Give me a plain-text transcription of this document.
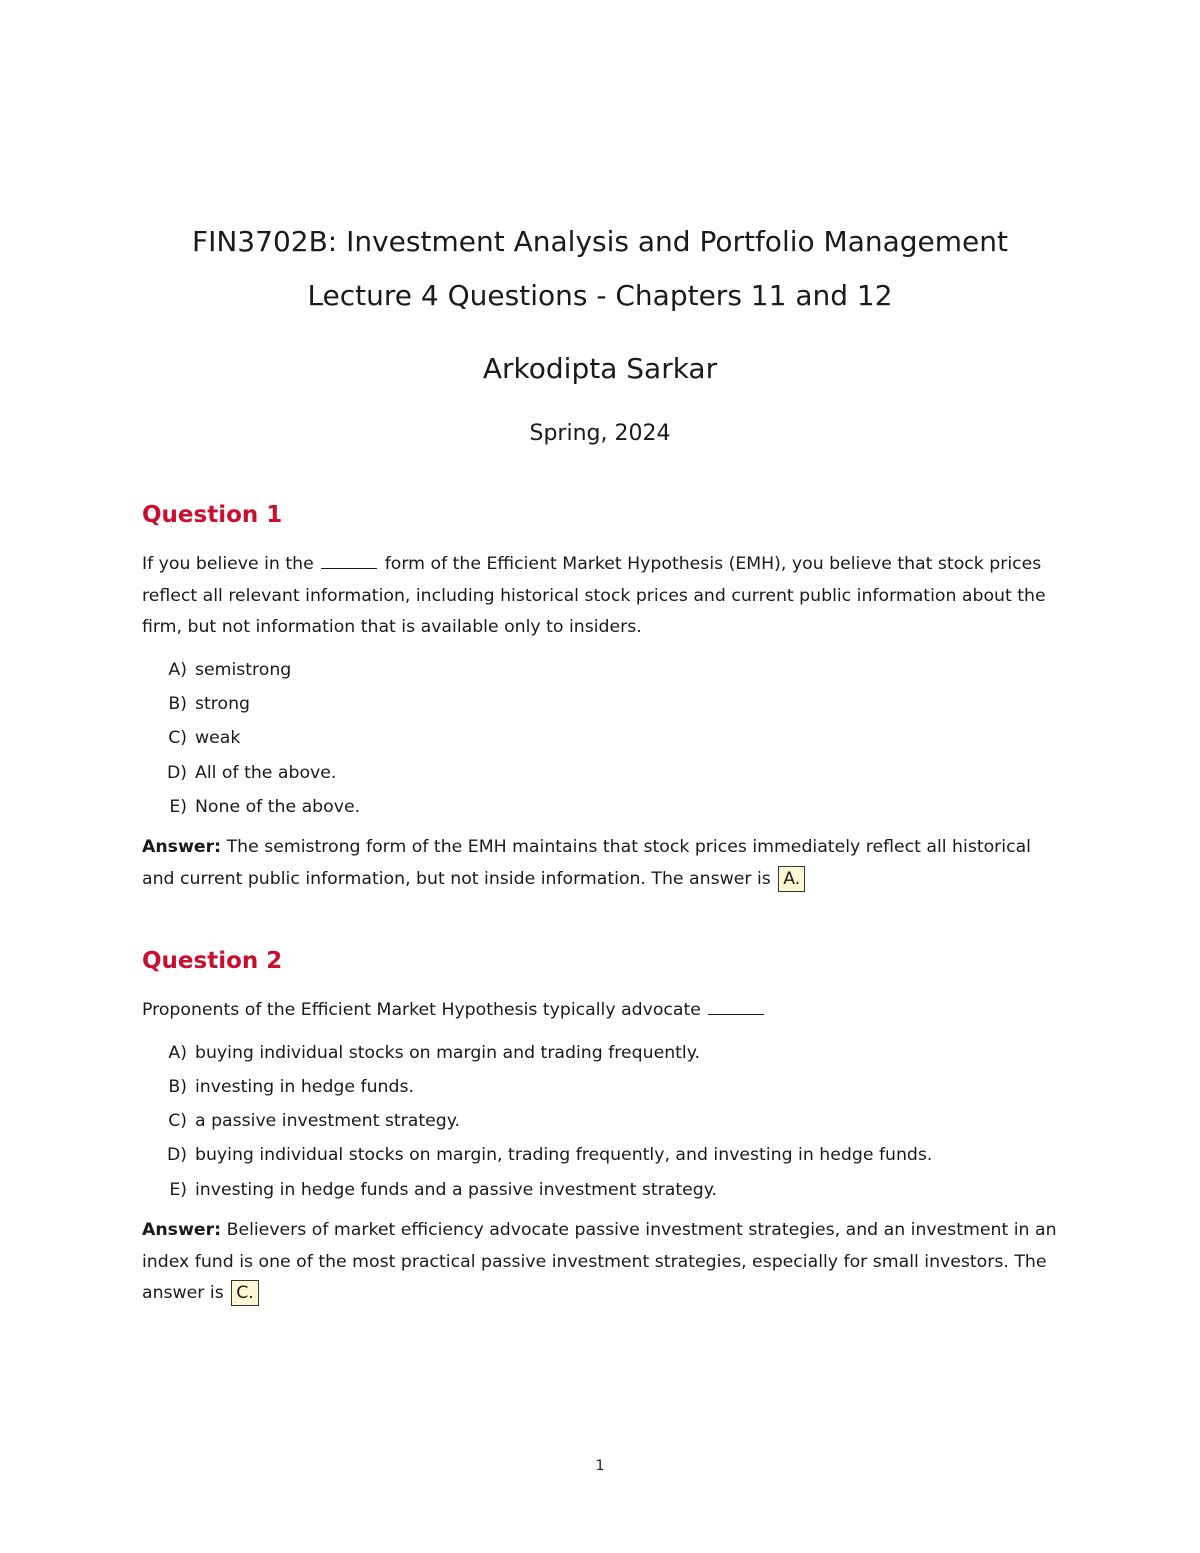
FIN3702B: Investment Analysis and Portfolio Management
Lecture 4 Questions - Chapters 11 and 12
Arkodipta Sarkar
Spring, 2024
Question 1

If you believe in the	form of the Efficient Market Hypothesis (EMH), you believe that stock prices reflect all relevant information, including historical stock prices and current public information about the firm, but not information that is available only to insiders.

A) semistrong
B) strong
C) weak
D) All of the above.
E) None of the above.

Answer: The semistrong form of the EMH maintains that stock prices immediately reflect all historical and current public information, but not inside information. The answer is A.

Question 2

Proponents of the Efficient Market Hypothesis typically advocate

A) buying individual stocks on margin and trading frequently.
B) investing in hedge funds.
C) a passive investment strategy.
D) buying individual stocks on margin, trading frequently, and investing in hedge funds.
E) investing in hedge funds and a passive investment strategy.

Answer: Believers of market efficiency advocate passive investment strategies, and an investment in an index fund is one of the most practical passive investment strategies, especially for small investors. The answer is C.

1
